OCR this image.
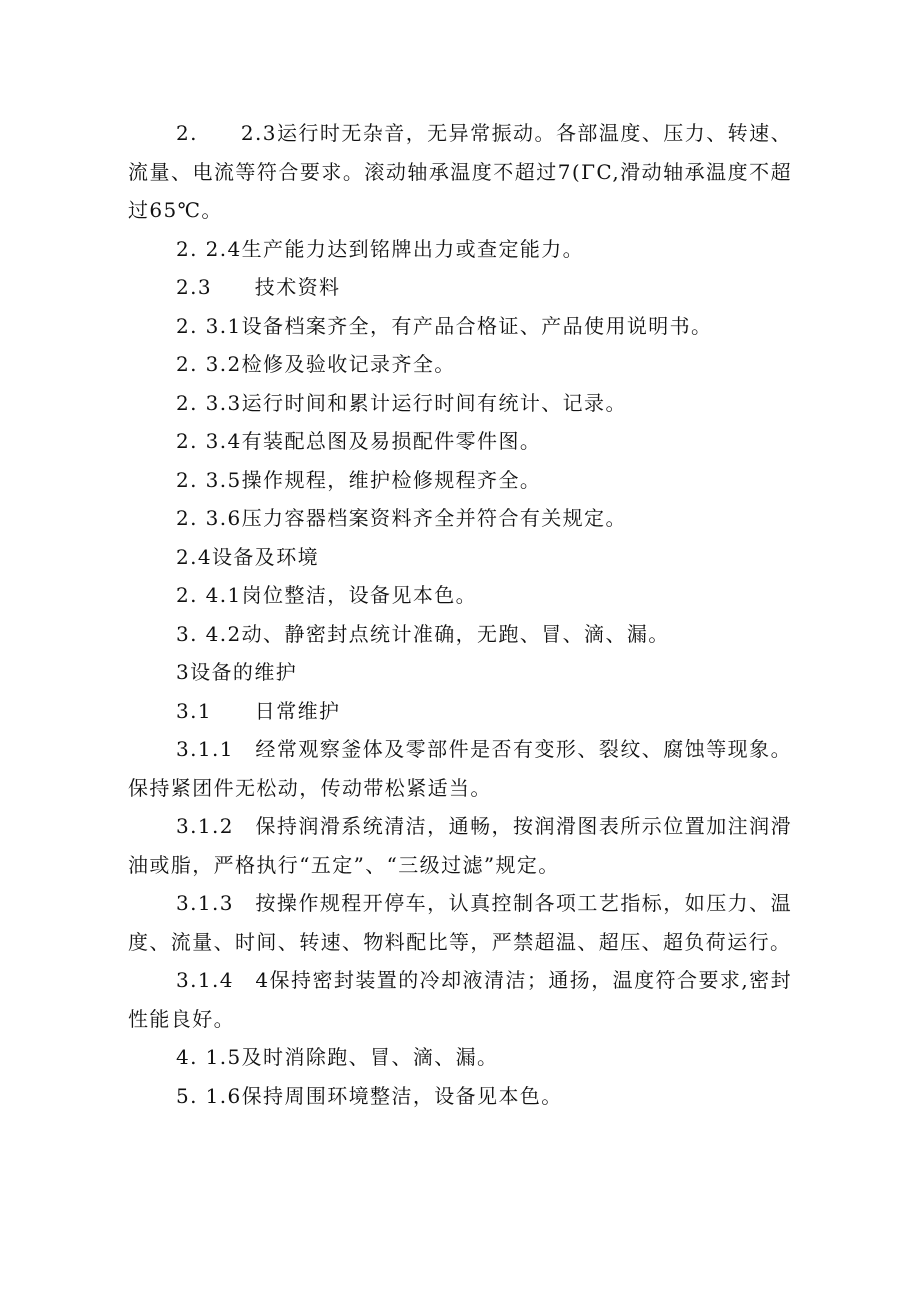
2.　　2.3运行时无杂音，无异常振动。各部温度、压力、转速、流量、电流等符合要求。滚动轴承温度不超过7(ΓC,滑动轴承温度不超过65℃。

2. 2.4生产能力达到铭牌出力或查定能力。

2.3　　技术资料

2. 3.1设备档案齐全，有产品合格证、产品使用说明书。

2. 3.2检修及验收记录齐全。

2. 3.3运行时间和累计运行时间有统计、记录。

2. 3.4有装配总图及易损配件零件图。

2. 3.5操作规程，维护检修规程齐全。

2. 3.6压力容器档案资料齐全并符合有关规定。

2.4设备及环境

2. 4.1岗位整洁，设备见本色。

3. 4.2动、静密封点统计准确，无跑、冒、滴、漏。

3设备的维护

3.1　　日常维护

3.1.1　经常观察釜体及零部件是否有变形、裂纹、腐蚀等现象。保持紧团件无松动，传动带松紧适当。

3.1.2　保持润滑系统清洁，通畅，按润滑图表所示位置加注润滑油或脂，严格执行“五定”、“三级过滤”规定。

3.1.3　按操作规程开停车，认真控制各项工艺指标，如压力、温度、流量、时间、转速、物料配比等，严禁超温、超压、超负荷运行。

3.1.4　4保持密封装置的冷却液清洁；通扬，温度符合要求,密封性能良好。

4. 1.5及时消除跑、冒、滴、漏。

5. 1.6保持周围环境整洁，设备见本色。
